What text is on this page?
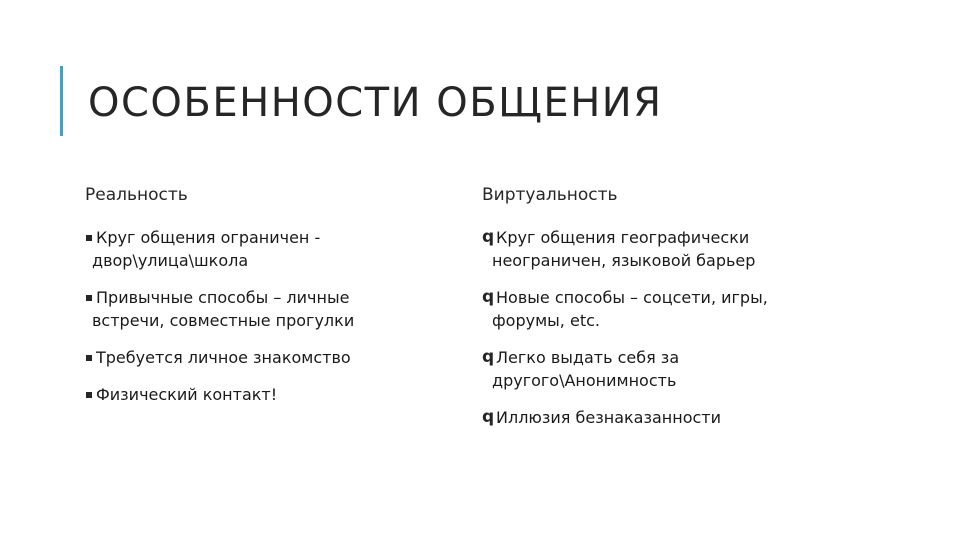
ОСОБЕННОСТИ ОБЩЕНИЯ
Реальность
Круг общения ограничен -

двор\улица\школа
Привычные способы – личные

встречи, совместные прогулки
Требуется личное знакомство
Физический контакт!
Виртуальность
q Круг общения географически

неограничен, языковой барьер
q Новые способы – соцсети, игры,

форумы, etc.
q Легко выдать себя за

другого\Анонимность
q Иллюзия безнаказанности
